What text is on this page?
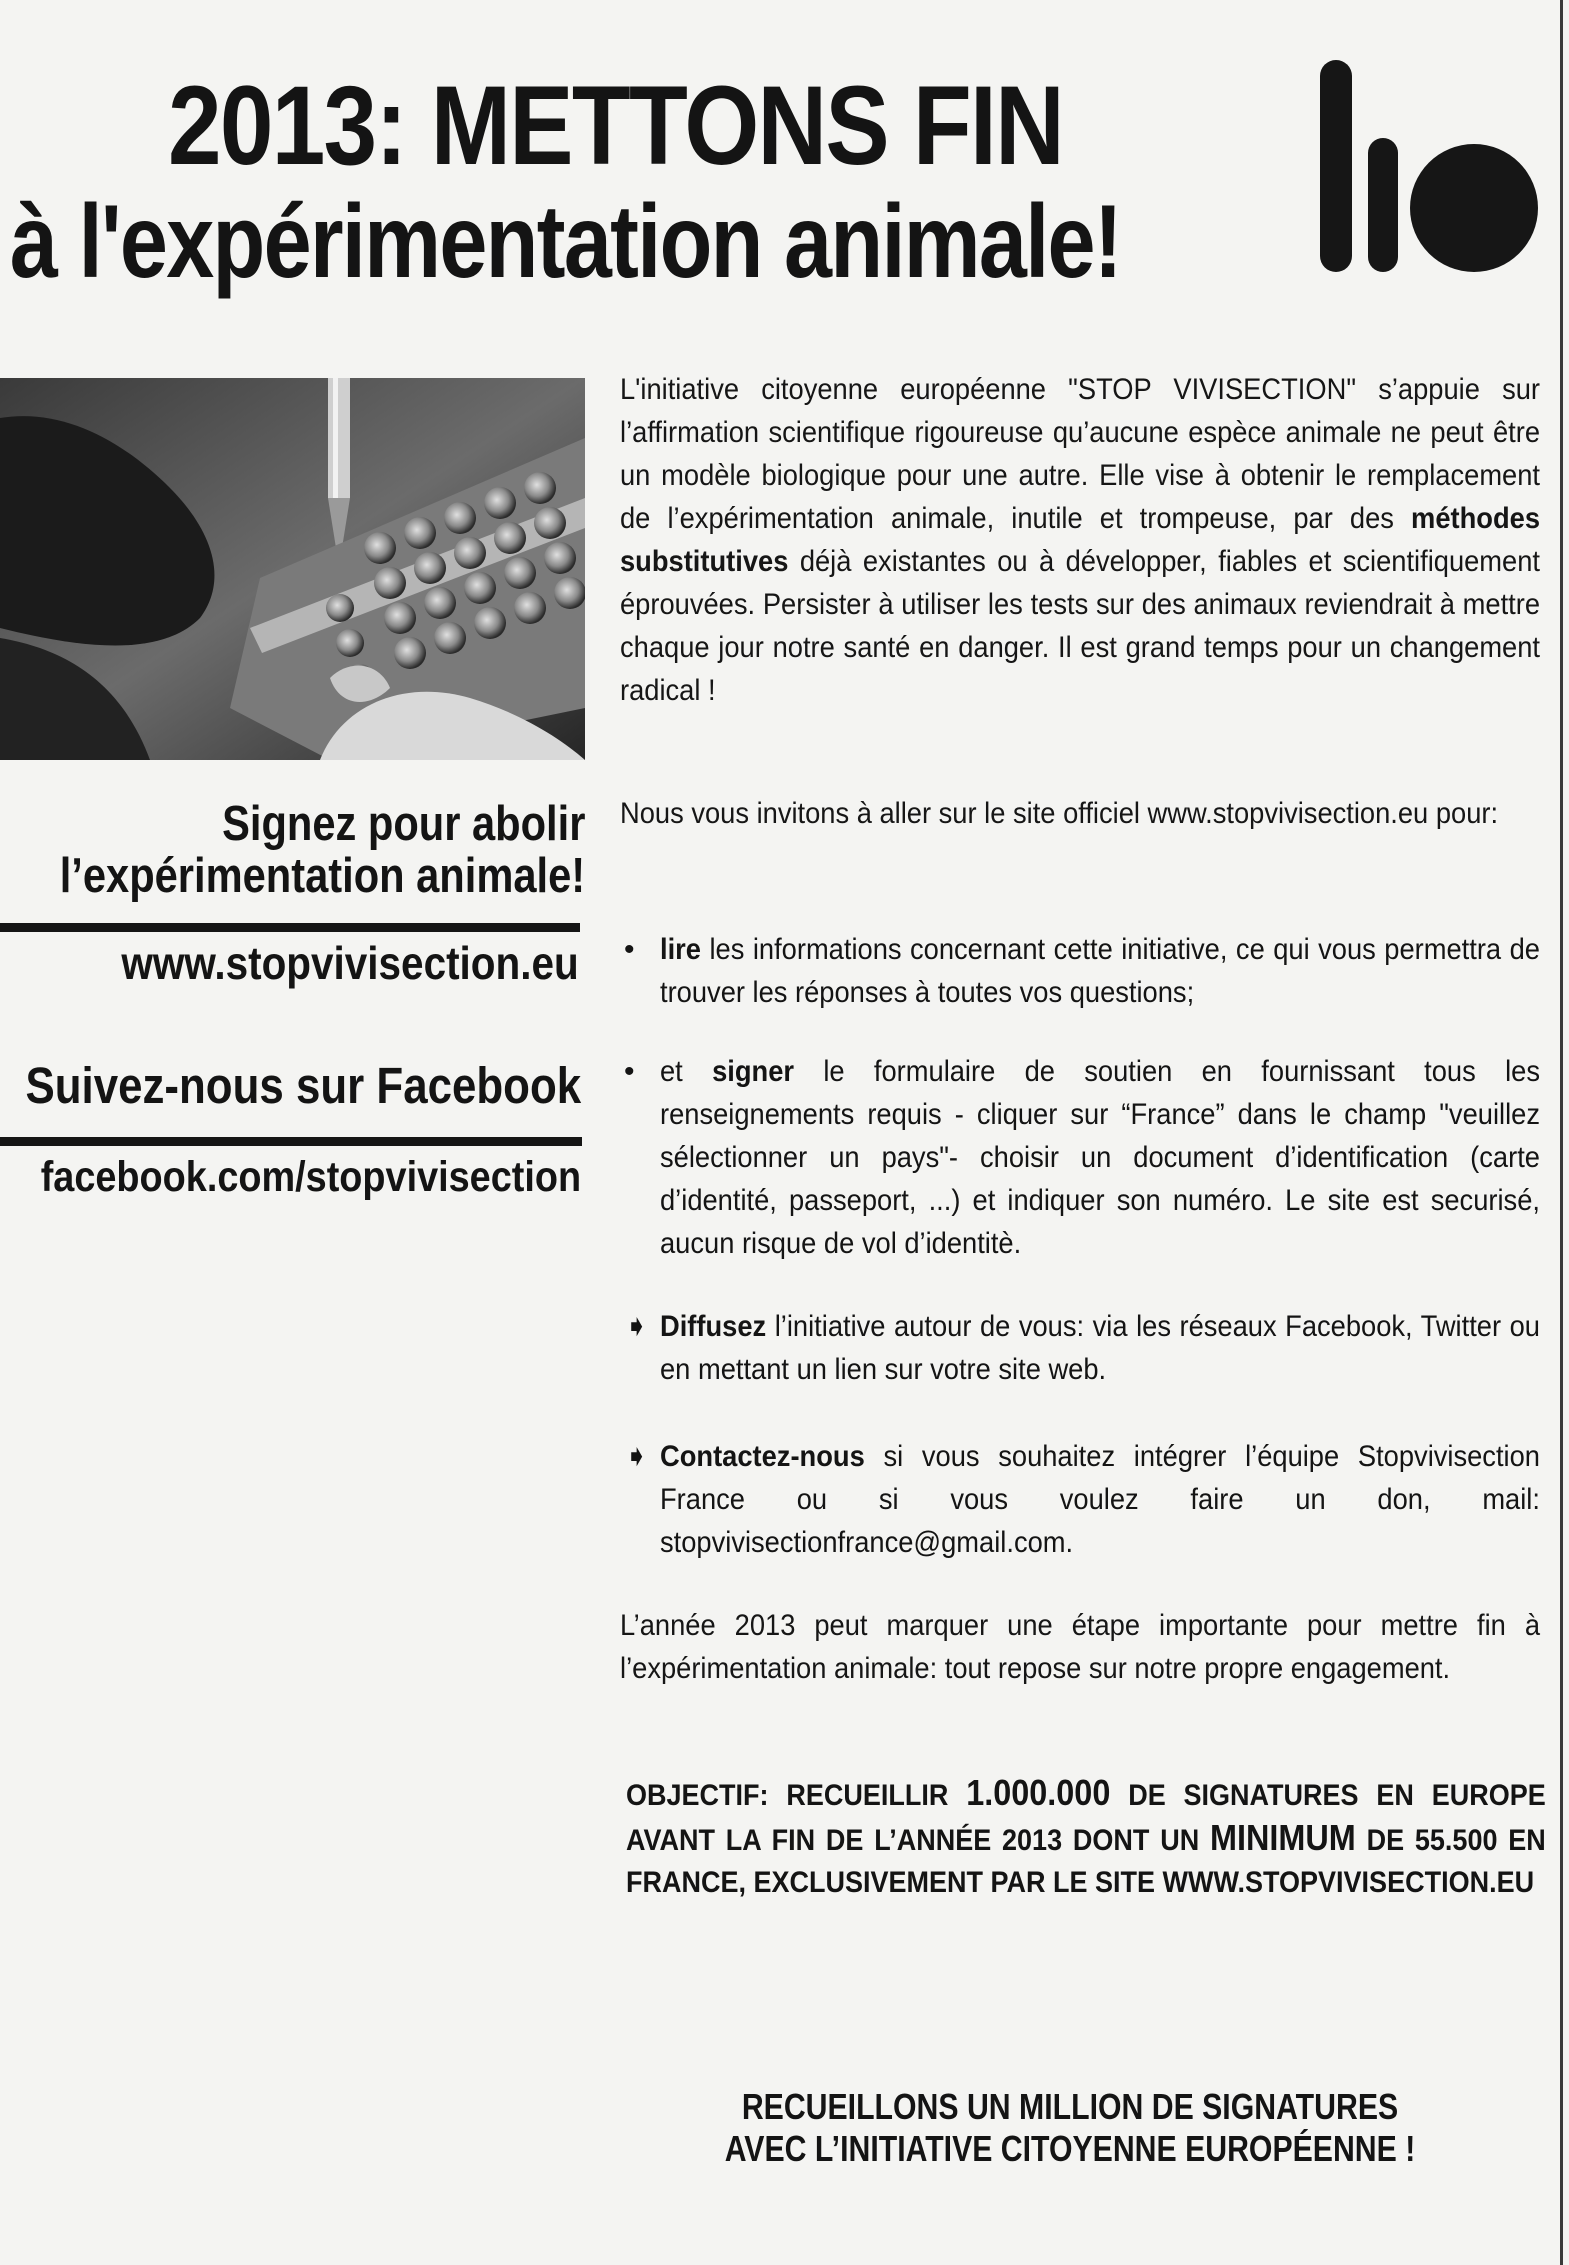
2013: METTONS FIN
à l'expérimentation animale!
Signez pour abolir
l’expérimentation animale!
www.stopvivisection.eu
Suivez-nous sur Facebook
facebook.com/stopvivisection
L'initiative citoyenne européenne "STOP VIVISECTION" s’appuie sur l’affirmation scientifique rigoureuse qu’aucune espèce animale ne peut être un modèle biologique pour une autre. Elle vise à obtenir le remplacement de l’expérimentation animale, inutile et trompeuse, par des méthodes substitutives déjà existantes ou à développer, fiables et scientifiquement éprouvées. Persister à utiliser les tests sur des animaux reviendrait à mettre chaque jour notre santé en danger. Il est grand temps pour un changement radical !
Nous vous invitons à aller sur le site officiel www.stopvivisection.eu pour:
• lire les informations concernant cette initiative, ce qui vous permettra de trouver les réponses à toutes vos questions;
• et signer le formulaire de soutien en fournissant tous les renseignements requis - cliquer sur “France” dans le champ "veuillez sélectionner un pays"- choisir un document d’identification (carte d’identité, passeport, ...) et indiquer son numéro. Le site est securisé, aucun risque de vol d’identitè.
➧ Diffusez l’initiative autour de vous: via les réseaux Facebook, Twitter ou en mettant un lien sur votre site web.
➧ Contactez-nous si vous souhaitez intégrer l’équipe Stopvivisection France ou si vous voulez faire un don, mail: stopvivisectionfrance@gmail.com.
L’année 2013 peut marquer une étape importante pour mettre fin à l’expérimentation animale: tout repose sur notre propre engagement.
OBJECTIF: RECUEILLIR 1.000.000 DE SIGNATURES EN EUROPE AVANT LA FIN DE L’ANNÉE 2013 DONT UN MINIMUM DE 55.500 EN FRANCE, EXCLUSIVEMENT PAR LE SITE WWW.STOPVIVISECTION.EU
RECUEILLONS UN MILLION DE SIGNATURES
AVEC L’INITIATIVE CITOYENNE EUROPÉENNE !
